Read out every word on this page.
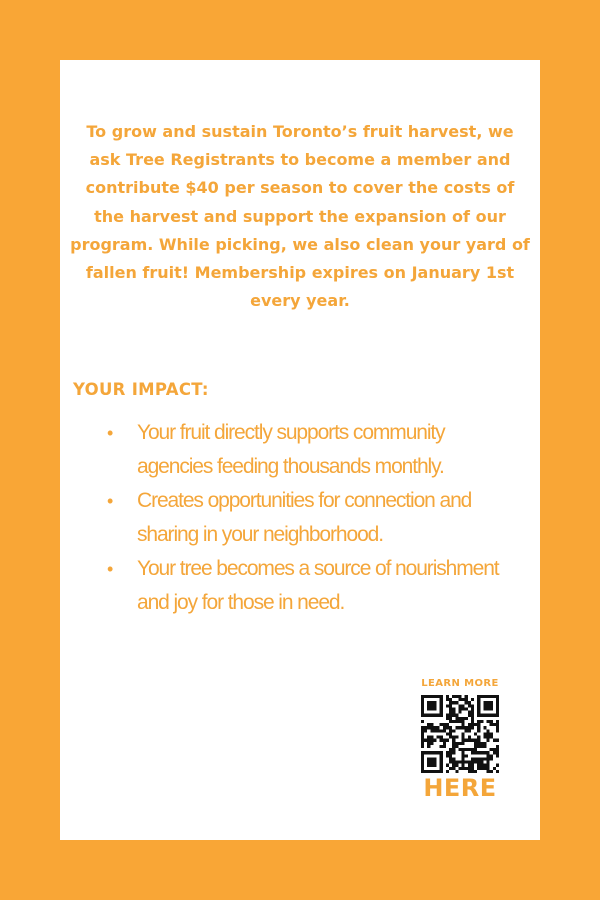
To grow and sustain Toronto’s fruit harvest, we ask Tree Registrants to become a member and contribute $40 per season to cover the costs of the harvest and support the expansion of our program. While picking, we also clean your yard of fallen fruit! Membership expires on January 1st every year.

YOUR IMPACT:
• Your fruit directly supports community agencies feeding thousands monthly.
• Creates opportunities for connection and sharing in your neighborhood.
• Your tree becomes a source of nourishment and joy for those in need.
LEARN MORE
HERE
